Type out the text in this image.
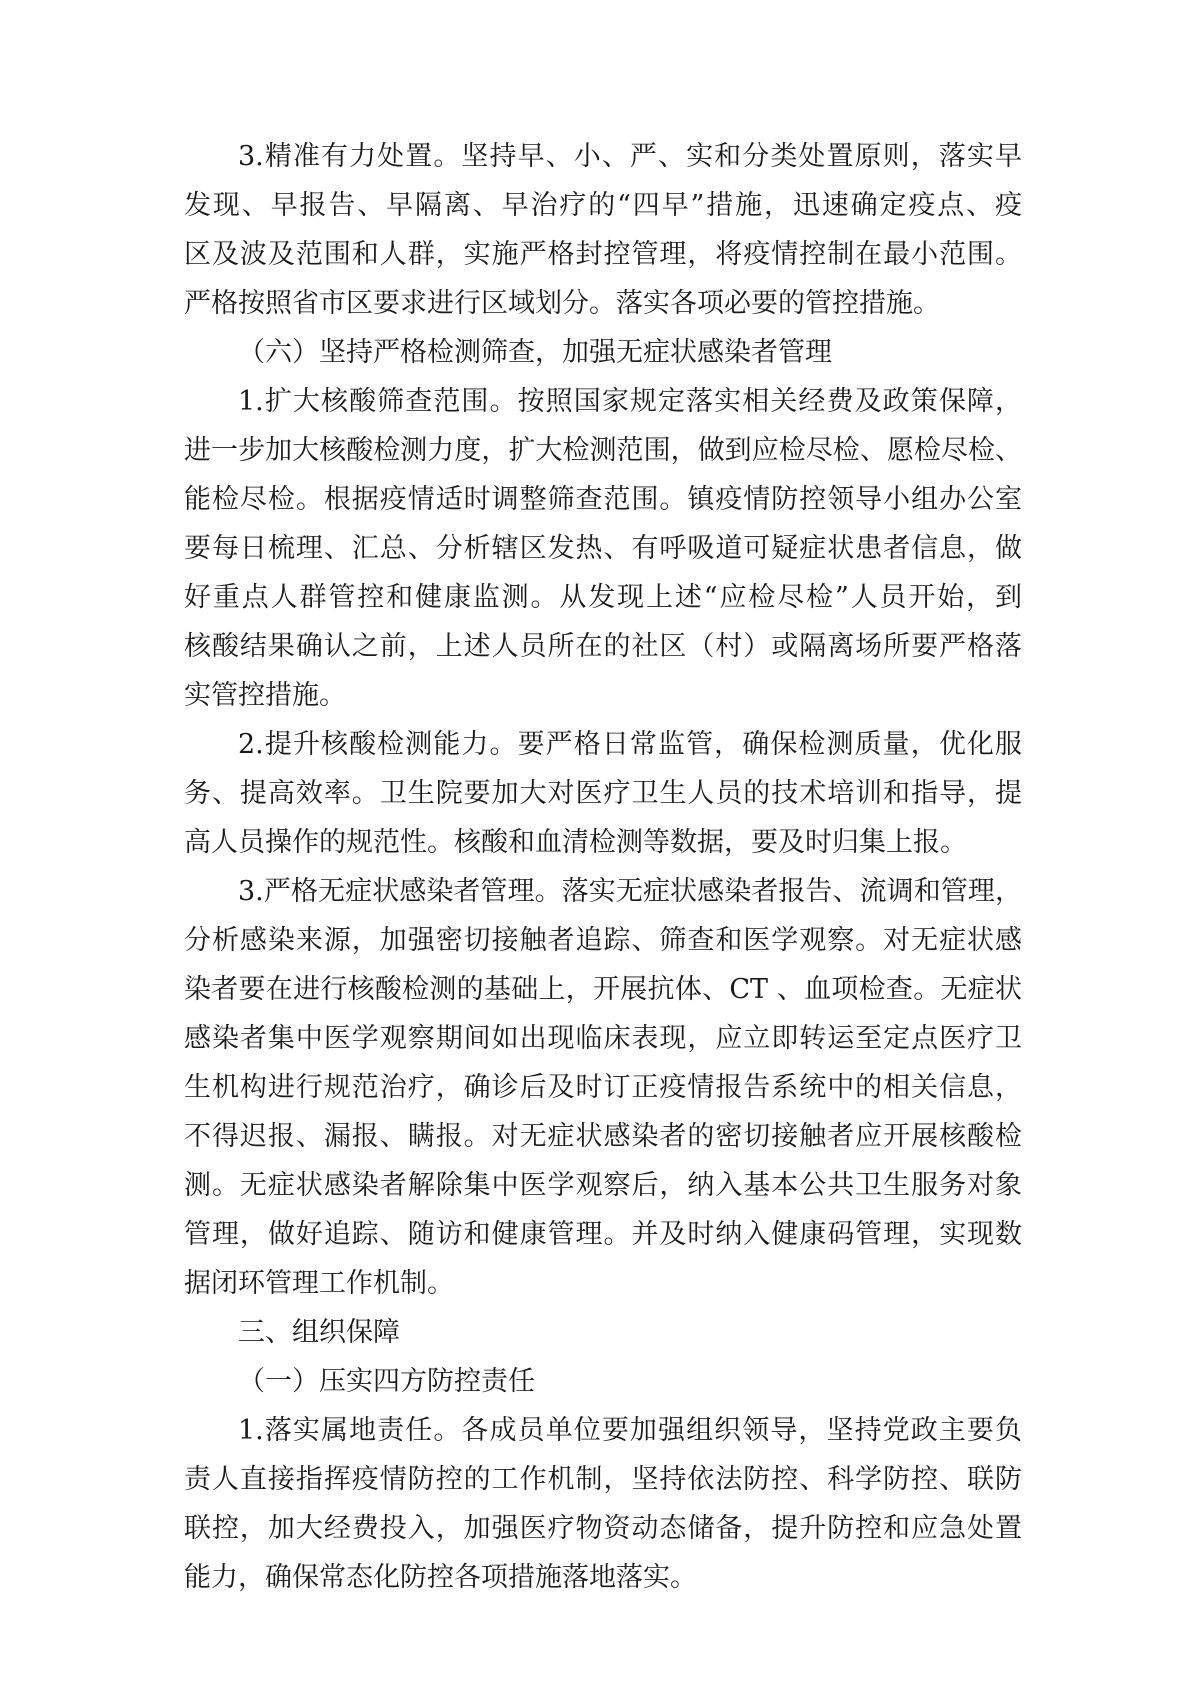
3.精准有力处置。坚持早、小、严、实和分类处置原则，落实早
发现、早报告、早隔离、早治疗的“四早”措施，迅速确定疫点、疫
区及波及范围和人群，实施严格封控管理，将疫情控制在最小范围。
严格按照省市区要求进行区域划分。落实各项必要的管控措施。
（六）坚持严格检测筛查，加强无症状感染者管理
1.扩大核酸筛查范围。按照国家规定落实相关经费及政策保障，
进一步加大核酸检测力度，扩大检测范围，做到应检尽检、愿检尽检、
能检尽检。根据疫情适时调整筛查范围。镇疫情防控领导小组办公室
要每日梳理、汇总、分析辖区发热、有呼吸道可疑症状患者信息，做
好重点人群管控和健康监测。从发现上述“应检尽检”人员开始，到
核酸结果确认之前，上述人员所在的社区（村）或隔离场所要严格落
实管控措施。
2.提升核酸检测能力。要严格日常监管，确保检测质量，优化服
务、提高效率。卫生院要加大对医疗卫生人员的技术培训和指导，提
高人员操作的规范性。核酸和血清检测等数据，要及时归集上报。
3.严格无症状感染者管理。落实无症状感染者报告、流调和管理，
分析感染来源，加强密切接触者追踪、筛查和医学观察。对无症状感
染者要在进行核酸检测的基础上，开展抗体、CT 、血项检查。无症状
感染者集中医学观察期间如出现临床表现，应立即转运至定点医疗卫
生机构进行规范治疗，确诊后及时订正疫情报告系统中的相关信息，
不得迟报、漏报、瞒报。对无症状感染者的密切接触者应开展核酸检
测。无症状感染者解除集中医学观察后，纳入基本公共卫生服务对象
管理，做好追踪、随访和健康管理。并及时纳入健康码管理，实现数
据闭环管理工作机制。
三、组织保障
（一）压实四方防控责任
1.落实属地责任。各成员单位要加强组织领导，坚持党政主要负
责人直接指挥疫情防控的工作机制，坚持依法防控、科学防控、联防
联控，加大经费投入，加强医疗物资动态储备，提升防控和应急处置
能力，确保常态化防控各项措施落地落实。
